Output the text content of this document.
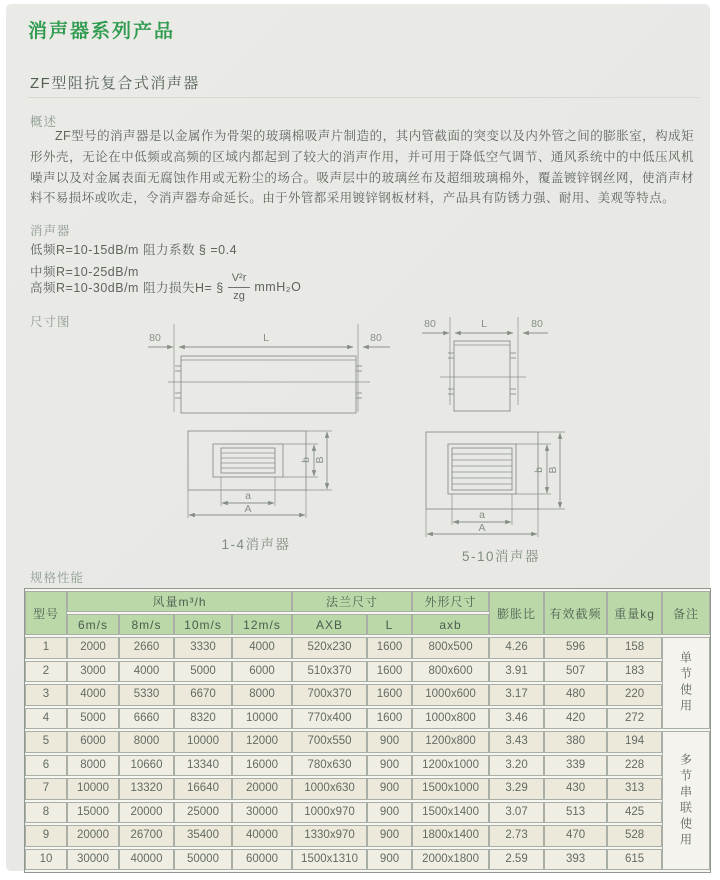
消声器系列产品
ZF型阻抗复合式消声器
概述
ZF型号的消声器是以金属作为骨架的玻璃棉吸声片制造的，其内管截面的突变以及内外管之间的膨胀室，构成矩形外壳，无论在中低频或高频的区域内都起到了较大的消声作用，并可用于降低空气调节、通风系统中的中低压风机噪声以及对金属表面无腐蚀作用或无粉尘的场合。吸声层中的玻璃丝布及超细玻璃棉外，覆盖镀锌钢丝网，使消声材料不易损坏或吹走，令消声器寿命延长。由于外管都采用镀锌钢板材料，产品具有防锈力强、耐用、美观等特点。
消声器
低频R=10-15dB/m 阻力系数 § =0.4
中频R=10-25dB/m
高频R=10-30dB/m 阻力损失H= § $\frac{\text{V²r}}{zg} mmH_2O$
尺寸图
80	L	80
80	L	80
b B
a
A
1-4消声器
b B
a
A
5-10消声器
规格性能
型号	风量m³/h				法兰尺寸		外形尺寸	膨胀比	有效截频	重量kg	备注
	6m/s	8m/s	10m/s	12m/s	AXB	L	axb				
1	2000	2660	3330	4000	520x230	1600	800x500	4.26	596	158	单节使用
2	3000	4000	5000	6000	510x370	1600	800x600	3.91	507	183	
3	4000	5330	6670	8000	700x370	1600	1000x600	3.17	480	220	
4	5000	6660	8320	10000	770x400	1600	1000x800	3.46	420	272	
5	6000	8000	10000	12000	700x550	900	1200x800	3.43	380	194	多节串联使用
6	8000	10660	13340	16000	780x630	900	1200x1000	3.20	339	228	
7	10000	13320	16640	20000	1000x630	900	1500x1000	3.29	430	313	
8	15000	20000	25000	30000	1000x970	900	1500x1400	3.07	513	425	
9	20000	26700	35400	40000	1330x970	900	1800x1400	2.73	470	528	
10	30000	40000	50000	60000	1500x1310	900	2000x1800	2.59	393	615	
